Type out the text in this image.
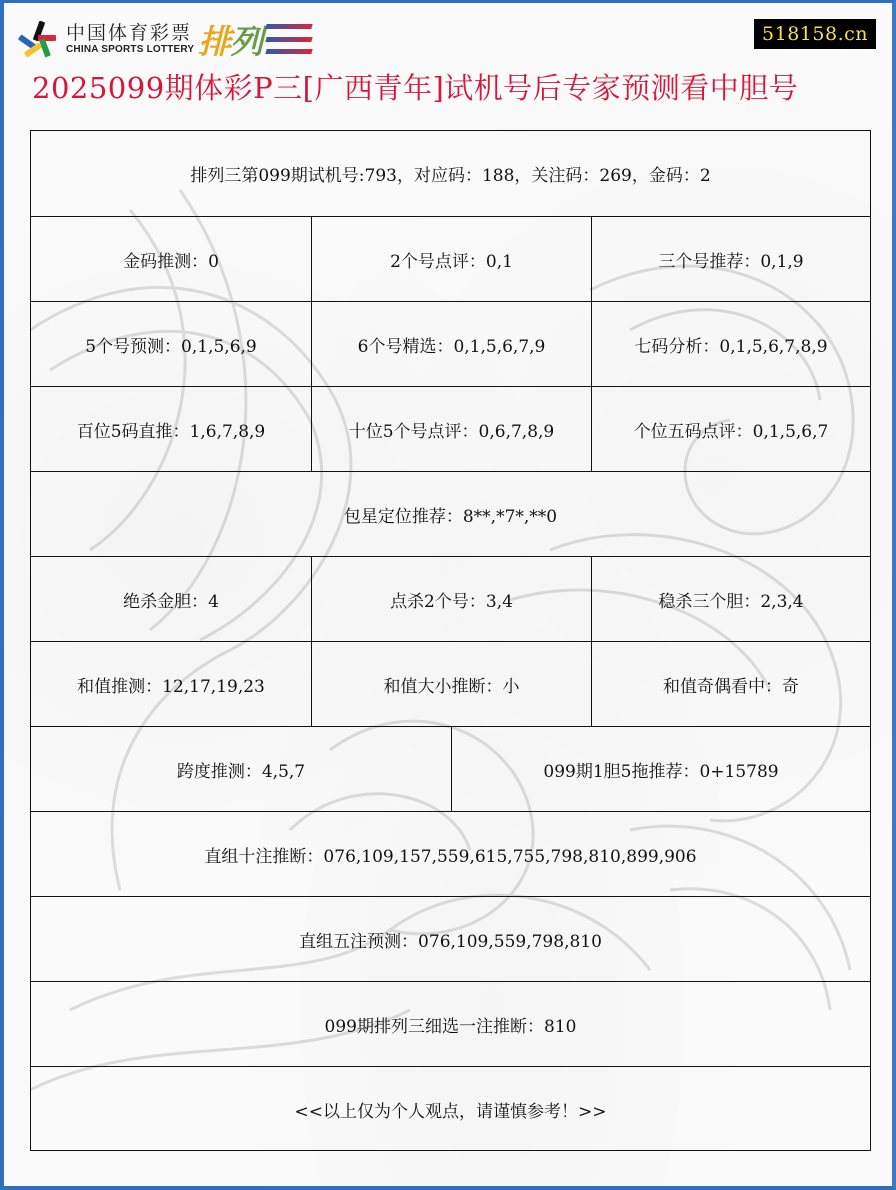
中国体育彩票
CHINA SPORTS LOTTERY 排 列	518158.cn
2025099期体彩P三[广西青年]试机号后专家预测看中胆号
排列三第099期试机号:793，对应码：188，关注码：269，金码：2
金码推测：0	2个号点评：0,1	三个号推荐：0,1,9
5个号预测：0,1,5,6,9	6个号精选：0,1,5,6,7,9	七码分析：0,1,5,6,7,8,9
百位5码直推：1,6,7,8,9	十位5个号点评：0,6,7,8,9	个位五码点评：0,1,5,6,7
包星定位推荐：8**,*7*,**0
绝杀金胆：4	点杀2个号：3,4	稳杀三个胆：2,3,4
和值推测：12,17,19,23	和值大小推断：小	和值奇偶看中：奇
跨度推测：4,5,7	099期1胆5拖推荐：0+15789
直组十注推断：076,109,157,559,615,755,798,810,899,906
直组五注预测：076,109,559,798,810
099期排列三细选一注推断：810
<<以上仅为个人观点，请谨慎参考！>>
